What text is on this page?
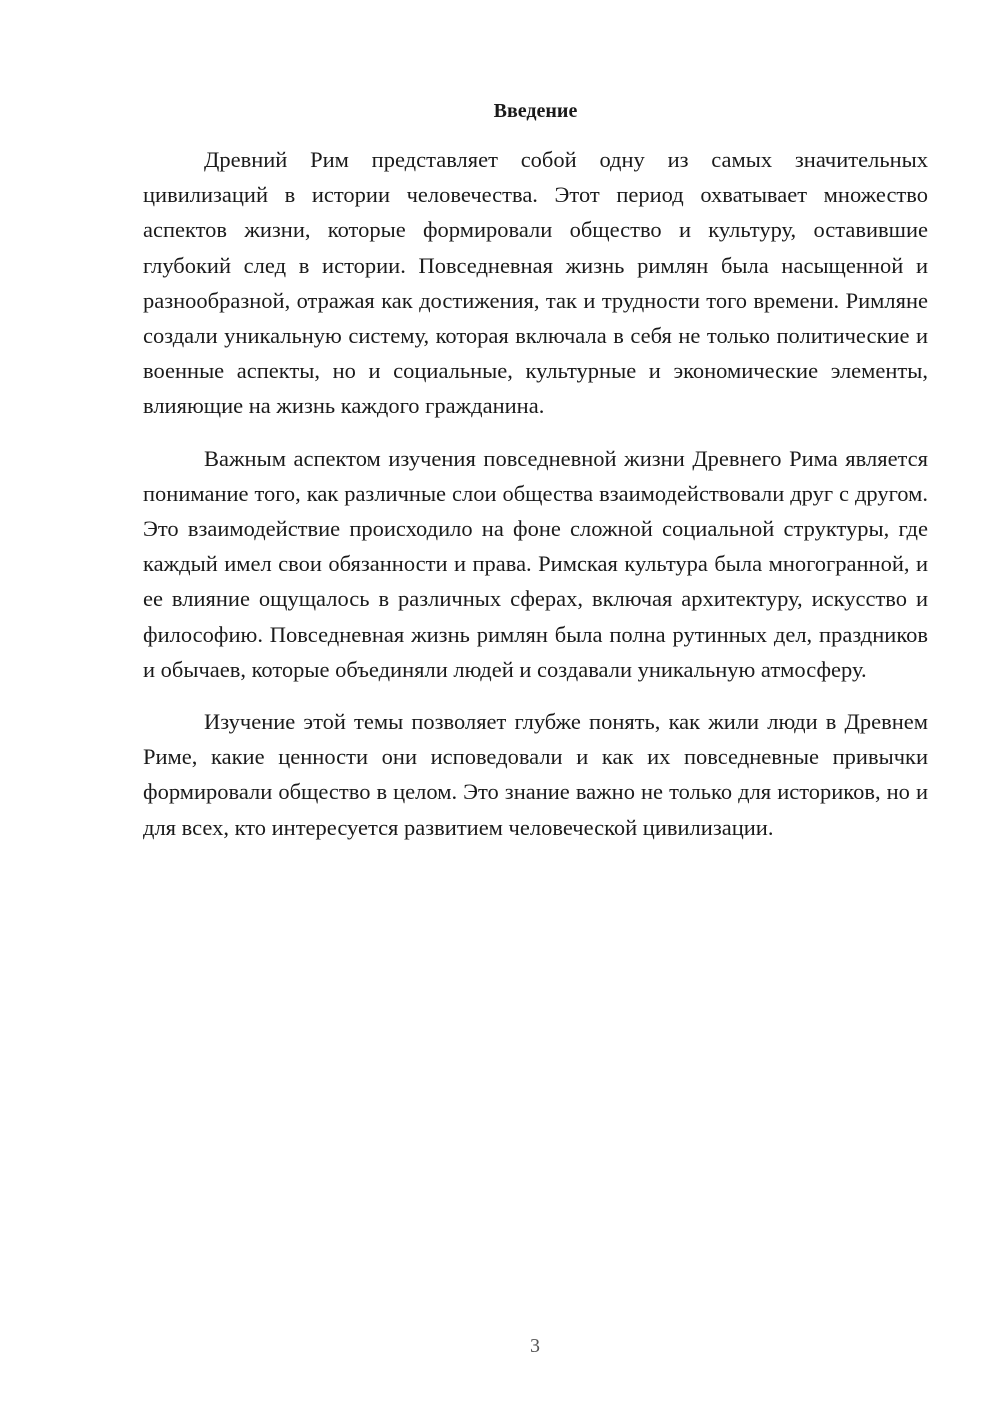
Введение

Древний Рим представляет собой одну из самых значительных цивилизаций в истории человечества. Этот период охватывает множество аспектов жизни, которые формировали общество и культуру, оставившие глубокий след в истории. Повседневная жизнь римлян была насыщенной и разнообразной, отражая как достижения, так и трудности того времени. Римляне создали уникальную систему, которая включала в себя не только политические и военные аспекты, но и социальные, культурные и экономические элементы, влияющие на жизнь каждого гражданина.

Важным аспектом изучения повседневной жизни Древнего Рима является понимание того, как различные слои общества взаимодействовали друг с другом. Это взаимодействие происходило на фоне сложной социальной структуры, где каждый имел свои обязанности и права. Римская культура была многогранной, и ее влияние ощущалось в различных сферах, включая архитектуру, искусство и философию. Повседневная жизнь римлян была полна рутинных дел, праздников и обычаев, которые объединяли людей и создавали уникальную атмосферу.

Изучение этой темы позволяет глубже понять, как жили люди в Древнем Риме, какие ценности они исповедовали и как их повседневные привычки формировали общество в целом. Это знание важно не только для историков, но и для всех, кто интересуется развитием человеческой цивилизации.

3
